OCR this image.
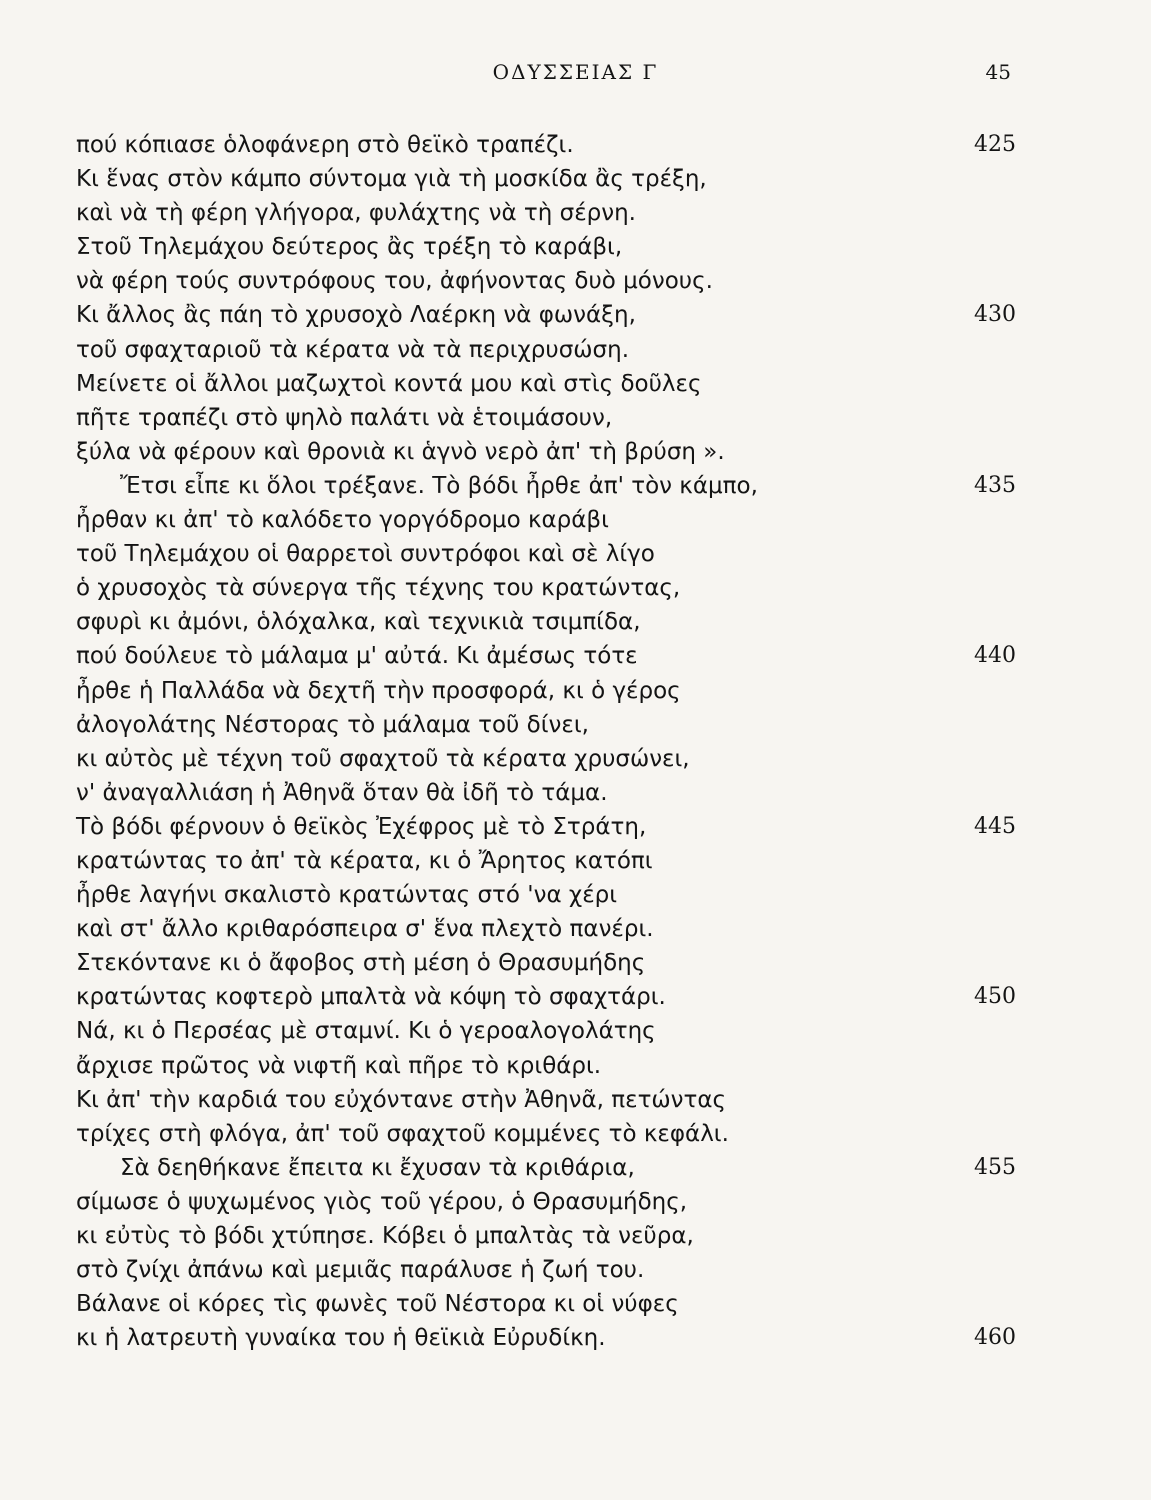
ΟΔΥΣΣΕΙΑΣ Γ	45
πού κόπιασε ὁλοφάνερη στὸ θεϊκὸ τραπέζι.	425
Κι ἕνας στὸν κάμπο σύντομα γιὰ τὴ μοσκίδα ἂς τρέξη,
καὶ νὰ τὴ φέρη γλήγορα, φυλάχτης νὰ τὴ σέρνη.
Στοῦ Τηλεμάχου δεύτερος ἂς τρέξη τὸ καράβι,
νὰ φέρη τούς συντρόφους του, ἀφήνοντας δυὸ μόνους.
Κι ἄλλος ἂς πάη τὸ χρυσοχὸ Λαέρκη νὰ φωνάξη,	430
τοῦ σφαχταριοῦ τὰ κέρατα νὰ τὰ περιχρυσώση.
Μείνετε οἱ ἄλλοι μαζωχτοὶ κοντά μου καὶ στὶς δοῦλες
πῆτε τραπέζι στὸ ψηλὸ παλάτι νὰ ἑτοιμάσουν,
ξύλα νὰ φέρουν καὶ θρονιὰ κι ἁγνὸ νερὸ ἀπ' τὴ βρύση ».
Ἔτσι εἶπε κι ὅλοι τρέξανε. Τὸ βόδι ἦρθε ἀπ' τὸν κάμπο,	435
ἦρθαν κι ἀπ' τὸ καλόδετο γοργόδρομο καράβι
τοῦ Τηλεμάχου οἱ θαρρετοὶ συντρόφοι καὶ σὲ λίγο
ὁ χρυσοχὸς τὰ σύνεργα τῆς τέχνης του κρατώντας,
σφυρὶ κι ἀμόνι, ὁλόχαλκα, καὶ τεχνικιὰ τσιμπίδα,
πού δούλευε τὸ μάλαμα μ' αὐτά. Κι ἀμέσως τότε	440
ἦρθε ἡ Παλλάδα νὰ δεχτῆ τὴν προσφορά, κι ὁ γέρος
ἀλογολάτης Νέστορας τὸ μάλαμα τοῦ δίνει,
κι αὐτὸς μὲ τέχνη τοῦ σφαχτοῦ τὰ κέρατα χρυσώνει,
ν' ἀναγαλλιάση ἡ Ἀθηνᾶ ὅταν θὰ ἰδῆ τὸ τάμα.
Τὸ βόδι φέρνουν ὁ θεϊκὸς Ἐχέφρος μὲ τὸ Στράτη,	445
κρατώντας το ἀπ' τὰ κέρατα, κι ὁ Ἄρητος κατόπι
ἦρθε λαγήνι σκαλιστὸ κρατώντας στό 'να χέρι
καὶ στ' ἄλλο κριθαρόσπειρα σ' ἕνα πλεχτὸ πανέρι.
Στεκόντανε κι ὁ ἄφοβος στὴ μέση ὁ Θρασυμήδης
κρατώντας κοφτερὸ μπαλτὰ νὰ κόψη τὸ σφαχτάρι.	450
Νά, κι ὁ Περσέας μὲ σταμνί. Κι ὁ γεροαλογολάτης
ἄρχισε πρῶτος νὰ νιφτῆ καὶ πῆρε τὸ κριθάρι.
Κι ἀπ' τὴν καρδιά του εὐχόντανε στὴν Ἀθηνᾶ, πετώντας
τρίχες στὴ φλόγα, ἀπ' τοῦ σφαχτοῦ κομμένες τὸ κεφάλι.
Σὰ δεηθήκανε ἔπειτα κι ἔχυσαν τὰ κριθάρια,	455
σίμωσε ὁ ψυχωμένος γιὸς τοῦ γέρου, ὁ Θρασυμήδης,
κι εὐτὺς τὸ βόδι χτύπησε. Κόβει ὁ μπαλτὰς τὰ νεῦρα,
στὸ ζνίχι ἀπάνω καὶ μεμιᾶς παράλυσε ἡ ζωή του.
Βάλανε οἱ κόρες τὶς φωνὲς τοῦ Νέστορα κι οἱ νύφες
κι ἡ λατρευτὴ γυναίκα του ἡ θεϊκιὰ Εὐρυδίκη.	460
